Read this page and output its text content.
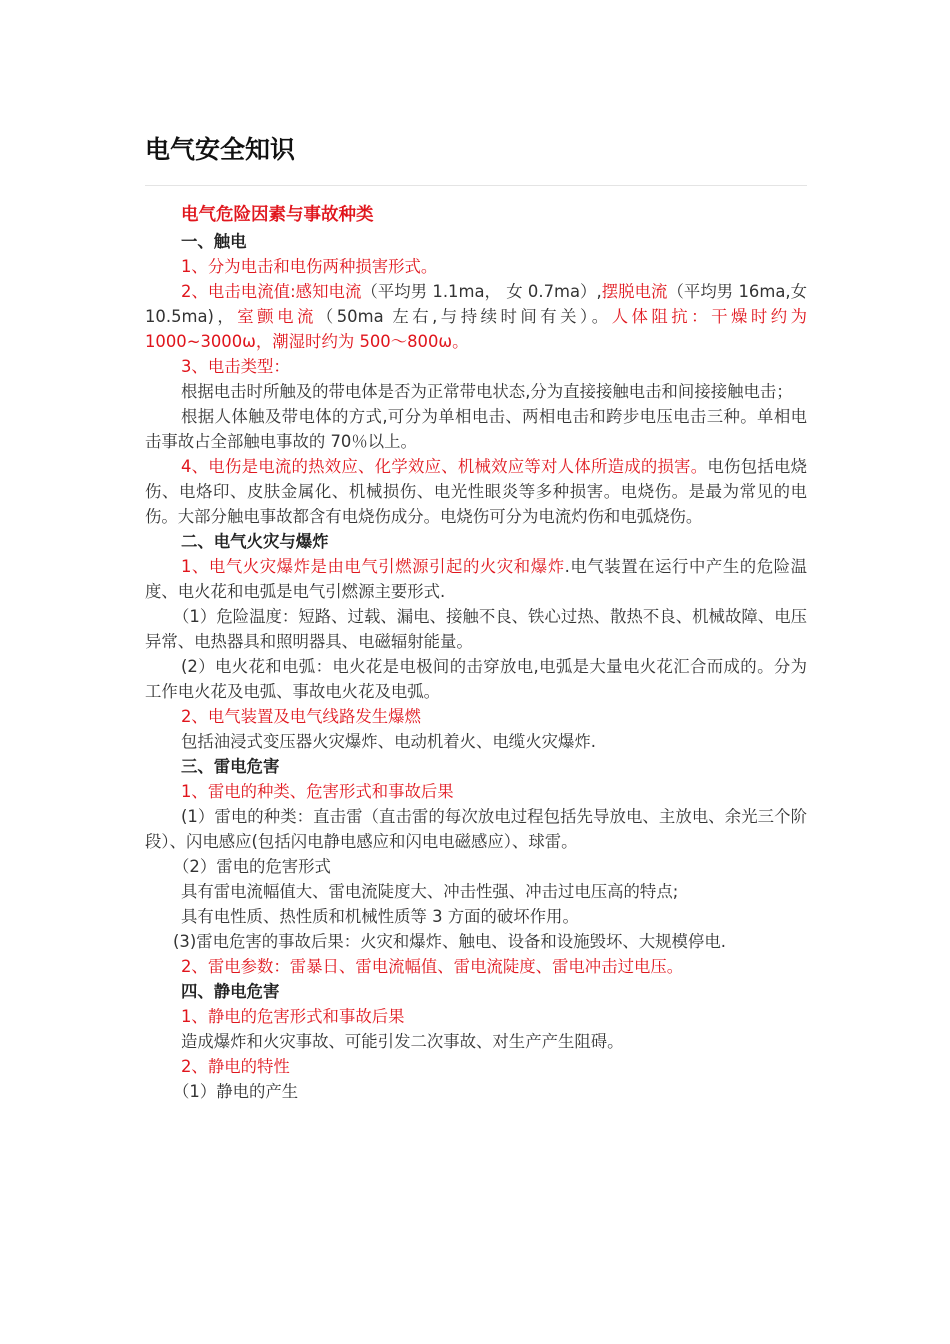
电气安全知识

电气危险因素与事故种类

一、触电

1、分为电击和电伤两种损害形式。

2、电击电流值:感知电流（平均男 1.1ma， 女 0.7ma）,摆脱电流（平均男 16ma,女 10.5ma)，室颤电流（50ma 左右,与持续时间有关）。人体阻抗：干燥时约为 1000~3000ω，潮湿时约为 500～800ω。

3、电击类型：

根据电击时所触及的带电体是否为正常带电状态,分为直接接触电击和间接接触电击；

根据人体触及带电体的方式,可分为单相电击、两相电击和跨步电压电击三种。单相电击事故占全部触电事故的 70％以上。

4、电伤是电流的热效应、化学效应、机械效应等对人体所造成的损害。电伤包括电烧伤、电烙印、皮肤金属化、机械损伤、电光性眼炎等多种损害。电烧伤。是最为常见的电伤。大部分触电事故都含有电烧伤成分。电烧伤可分为电流灼伤和电弧烧伤。

二、电气火灾与爆炸

1、电气火灾爆炸是由电气引燃源引起的火灾和爆炸.电气装置在运行中产生的危险温度、电火花和电弧是电气引燃源主要形式.

（1）危险温度：短路、过载、漏电、接触不良、铁心过热、散热不良、机械故障、电压异常、电热器具和照明器具、电磁辐射能量。

(2）电火花和电弧：电火花是电极间的击穿放电,电弧是大量电火花汇合而成的。分为工作电火花及电弧、事故电火花及电弧。

2、电气装置及电气线路发生爆燃

包括油浸式变压器火灾爆炸、电动机着火、电缆火灾爆炸.

三、雷电危害

1、雷电的种类、危害形式和事故后果

(1）雷电的种类：直击雷（直击雷的每次放电过程包括先导放电、主放电、余光三个阶段）、闪电感应(包括闪电静电感应和闪电电磁感应）、球雷。

（2）雷电的危害形式

具有雷电流幅值大、雷电流陡度大、冲击性强、冲击过电压高的特点;

具有电性质、热性质和机械性质等 3 方面的破坏作用。

(3)雷电危害的事故后果：火灾和爆炸、触电、设备和设施毁坏、大规模停电.

2、雷电参数：雷暴日、雷电流幅值、雷电流陡度、雷电冲击过电压。

四、静电危害

1、静电的危害形式和事故后果

造成爆炸和火灾事故、可能引发二次事故、对生产产生阻碍。

2、静电的特性

（1）静电的产生
